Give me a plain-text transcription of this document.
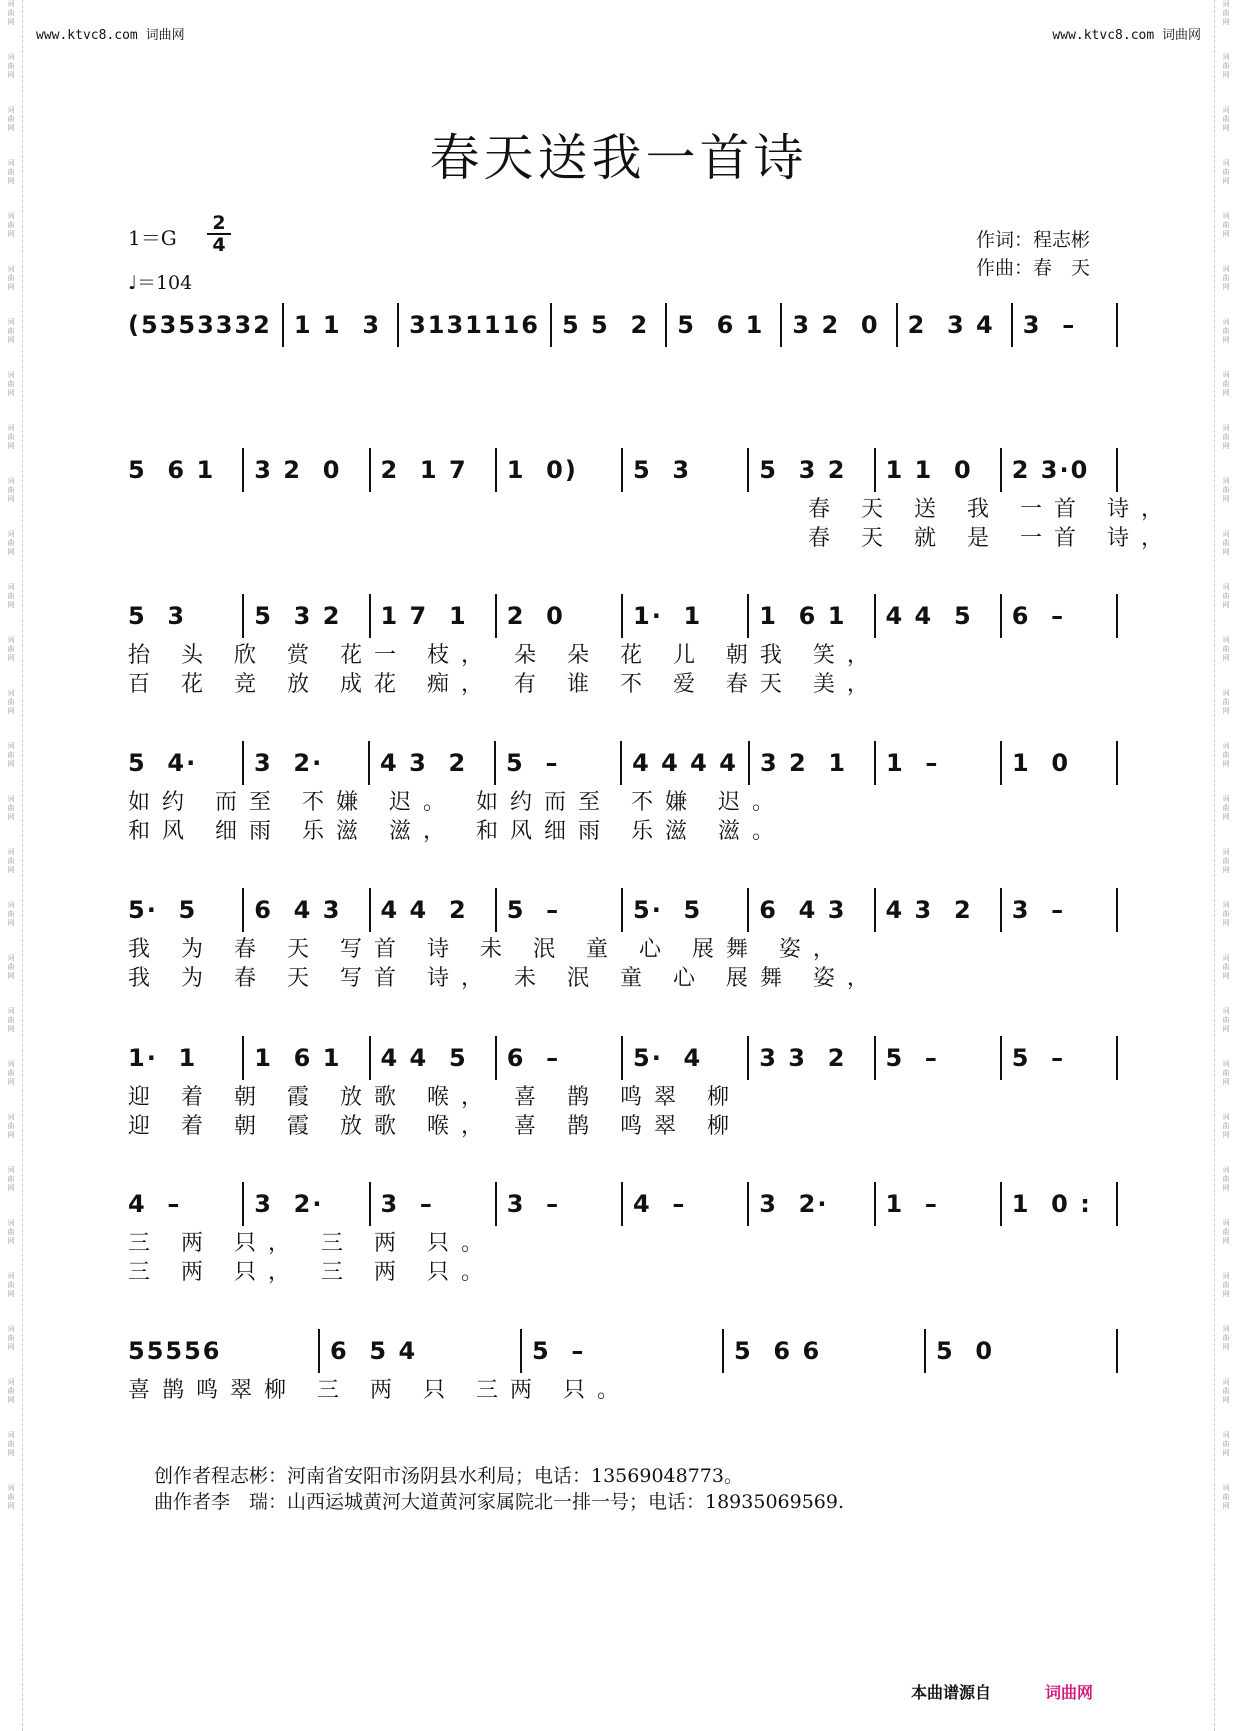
词曲网
词曲网
词曲网
词曲网
词曲网
词曲网
词曲网
词曲网
词曲网
词曲网
词曲网
词曲网
词曲网
词曲网
词曲网
词曲网
词曲网
词曲网
词曲网
词曲网
词曲网
词曲网
词曲网
词曲网
词曲网
词曲网
词曲网
词曲网
词曲网
词曲网
词曲网
词曲网
词曲网
词曲网
词曲网
词曲网
词曲网
词曲网
词曲网
词曲网
词曲网
词曲网
词曲网
词曲网
词曲网
词曲网
词曲网
词曲网
词曲网
词曲网
词曲网
词曲网
词曲网
词曲网
词曲网
词曲网
词曲网
词曲网
www.ktvc8.com 词曲网	www.ktvc8.com 词曲网
春天送我一首诗
1＝G
2
4
♩＝104
作词：程志彬
作曲：春　天
(5353332 1 1  3 3131116 5 5  2 5  6 1 3 2  0 2  3 4 3  –
5  6 1	3 2  0	2  1 7	1  0)	5  3	5  3 2	1 1  0	2 3·0
　　　　　　　　　　　　　　　　　　　　春 天 送 我 一首 诗，
　　　　　　　　　　　　　　　　　　　　春 天 就 是 一首 诗，
5  3	5  3 2	1 7  1	2  0	1·  1	1  6 1	4 4  5	6  –
抬 头 欣 赏 花一 枝， 朵 朵 花 儿 朝我 笑，
百 花 竞 放 成花 痴， 有 谁 不 爱 春天 美，
5  4·	3  2·	4 3  2	5  –	4 4 4 4 3 2  1	1  –	1  0
如约 而至 不嫌 迟。 如约而至 不嫌 迟。
和风 细雨 乐滋 滋， 和风细雨 乐滋 滋。
5·  5	6  4 3	4 4  2	5  –	5·  5	6  4 3	4 3  2	3  –
我 为 春 天 写首 诗 未 泯 童 心 展舞 姿，
我 为 春 天 写首 诗， 未 泯 童 心 展舞 姿，
1·  1	1  6 1	4 4  5	6  –	5·  4	3 3  2	5  –	5  –
迎 着 朝 霞 放歌 喉， 喜 鹊 鸣翠 柳
迎 着 朝 霞 放歌 喉， 喜 鹊 鸣翠 柳
4  –	3  2·	3  –	3  –	4  –	3  2·	1  –	1  0 :
三 两 只， 三 两 只。
三 两 只， 三 两 只。
55556	6  5 4	5  –	5  6 6	5  0
喜鹊鸣翠柳 三 两 只 三两 只。
创作者程志彬：河南省安阳市汤阴县水利局；电话：13569048773。
曲作者李　瑞：山西运城黄河大道黄河家属院北一排一号；电话：18935069569.
本曲谱源自	词曲网
